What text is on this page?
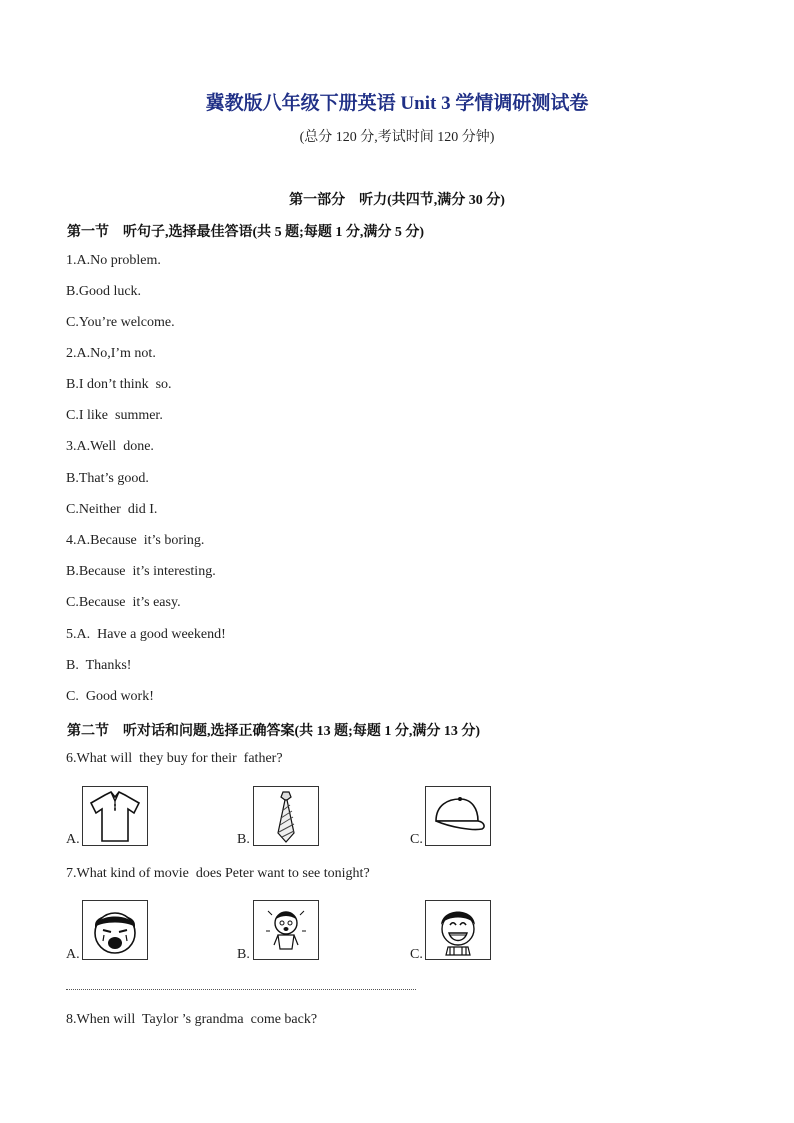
冀教版八年级下册英语 Unit 3 学情调研测试卷
(总分 120 分,考试时间 120 分钟)
第一部分　听力(共四节,满分 30 分)
第一节　听句子,选择最佳答语(共 5 题;每题 1 分,满分 5 分)
1.A.No problem.
B.Good luck.
C.You’re welcome.
2.A.No,I’m not.
B.I don’t think  so.
C.I like  summer.
3.A.Well  done.
B.That’s good.
C.Neither  did I.
4.A.Because  it’s boring.
B.Because  it’s interesting.
C.Because  it’s easy.
5.A.  Have a good weekend!
B.  Thanks!
C.  Good work!
第二节　听对话和问题,选择正确答案(共 13 题;每题 1 分,满分 13 分)
6.What will  they buy for their  father?
A.	B.	C.
7.What kind of movie  does Peter want to see tonight?
A.	B.	C.
8.When will  Taylor ’s grandma  come back?
